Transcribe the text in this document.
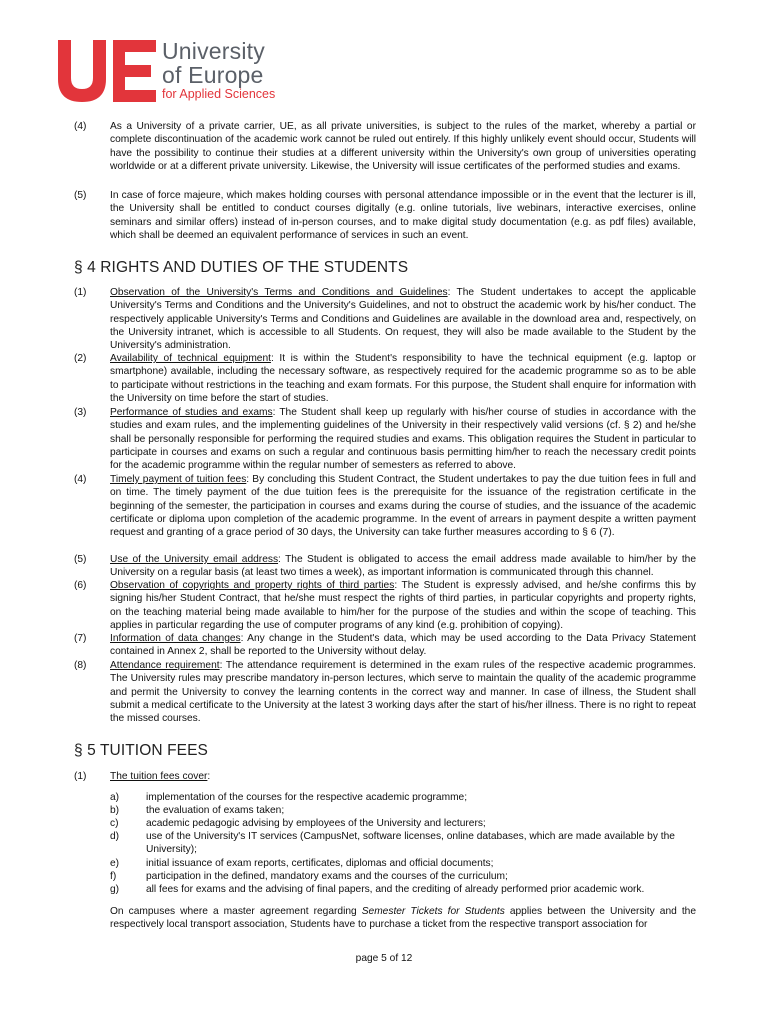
University
of Europe
for Applied Sciences
(4) As a University of a private carrier, UE, as all private universities, is subject to the rules of the market, whereby a partial or complete discontinuation of the academic work cannot be ruled out entirely. If this highly unlikely event should occur, Students will have the possibility to continue their studies at a different university within the University's own group of universities operating worldwide or at a different private university. Likewise, the University will issue certificates of the performed studies and exams.

(5) In case of force majeure, which makes holding courses with personal attendance impossible or in the event that the lecturer is ill, the University shall be entitled to conduct courses digitally (e.g. online tutorials, live webinars, interactive exercises, online seminars and similar offers) instead of in-person courses, and to make digital study documentation (e.g. as pdf files) available, which shall be deemed an equivalent performance of services in such an event.

§ 4 RIGHTS AND DUTIES OF THE STUDENTS
(1) Observation of the University's Terms and Conditions and Guidelines: The Student undertakes to accept the applicable University's Terms and Conditions and the University's Guidelines, and not to obstruct the academic work by his/her conduct. The respectively applicable University's Terms and Conditions and Guidelines are available in the download area and, respectively, on the University intranet, which is accessible to all Students. On request, they will also be made available to the Student by the University's administration.

(2) Availability of technical equipment: It is within the Student's responsibility to have the technical equipment (e.g. laptop or smartphone) available, including the necessary software, as respectively required for the academic programme so as to be able to participate without restrictions in the teaching and exam formats. For this purpose, the Student shall enquire for information with the University on time before the start of studies.

(3) Performance of studies and exams: The Student shall keep up regularly with his/her course of studies in accordance with the studies and exam rules, and the implementing guidelines of the University in their respectively valid versions (cf. § 2) and he/she shall be personally responsible for performing the required studies and exams. This obligation requires the Student in particular to participate in courses and exams on such a regular and continuous basis permitting him/her to reach the necessary credit points for the academic programme within the regular number of semesters as referred to above.

(4) Timely payment of tuition fees: By concluding this Student Contract, the Student undertakes to pay the due tuition fees in full and on time. The timely payment of the due tuition fees is the prerequisite for the issuance of the registration certificate in the beginning of the semester, the participation in courses and exams during the course of studies, and the issuance of the academic certificate or diploma upon completion of the academic programme. In the event of arrears in payment despite a written payment request and granting of a grace period of 30 days, the University can take further measures according to § 6 (7).

(5) Use of the University email address: The Student is obligated to access the email address made available to him/her by the University on a regular basis (at least two times a week), as important information is communicated through this channel.

(6) Observation of copyrights and property rights of third parties: The Student is expressly advised, and he/she confirms this by signing his/her Student Contract, that he/she must respect the rights of third parties, in particular copyrights and property rights, on the teaching material being made available to him/her for the purpose of the studies and within the scope of teaching. This applies in particular regarding the use of computer programs of any kind (e.g. prohibition of copying).

(7) Information of data changes: Any change in the Student's data, which may be used according to the Data Privacy Statement contained in Annex 2, shall be reported to the University without delay.

(8) Attendance requirement: The attendance requirement is determined in the exam rules of the respective academic programmes. The University rules may prescribe mandatory in-person lectures, which serve to maintain the quality of the academic programme and permit the University to convey the learning contents in the correct way and manner. In case of illness, the Student shall submit a medical certificate to the University at the latest 3 working days after the start of his/her illness. There is no right to repeat the missed courses.

§ 5 TUITION FEES
(1) The tuition fees cover:

a)	implementation of the courses for the respective academic programme;
b)	the evaluation of exams taken;
c)	academic pedagogic advising by employees of the University and lecturers;
d)	use of the University's IT services (CampusNet, software licenses, online databases, which are made available by the University);
e)	initial issuance of exam reports, certificates, diplomas and official documents;
f)	participation in the defined, mandatory exams and the courses of the curriculum;
g)	all fees for exams and the advising of final papers, and the crediting of already performed prior academic work.

On campuses where a master agreement regarding Semester Tickets for Students applies between the University and the respectively local transport association, Students have to purchase a ticket from the respective transport association for

page 5 of 12
